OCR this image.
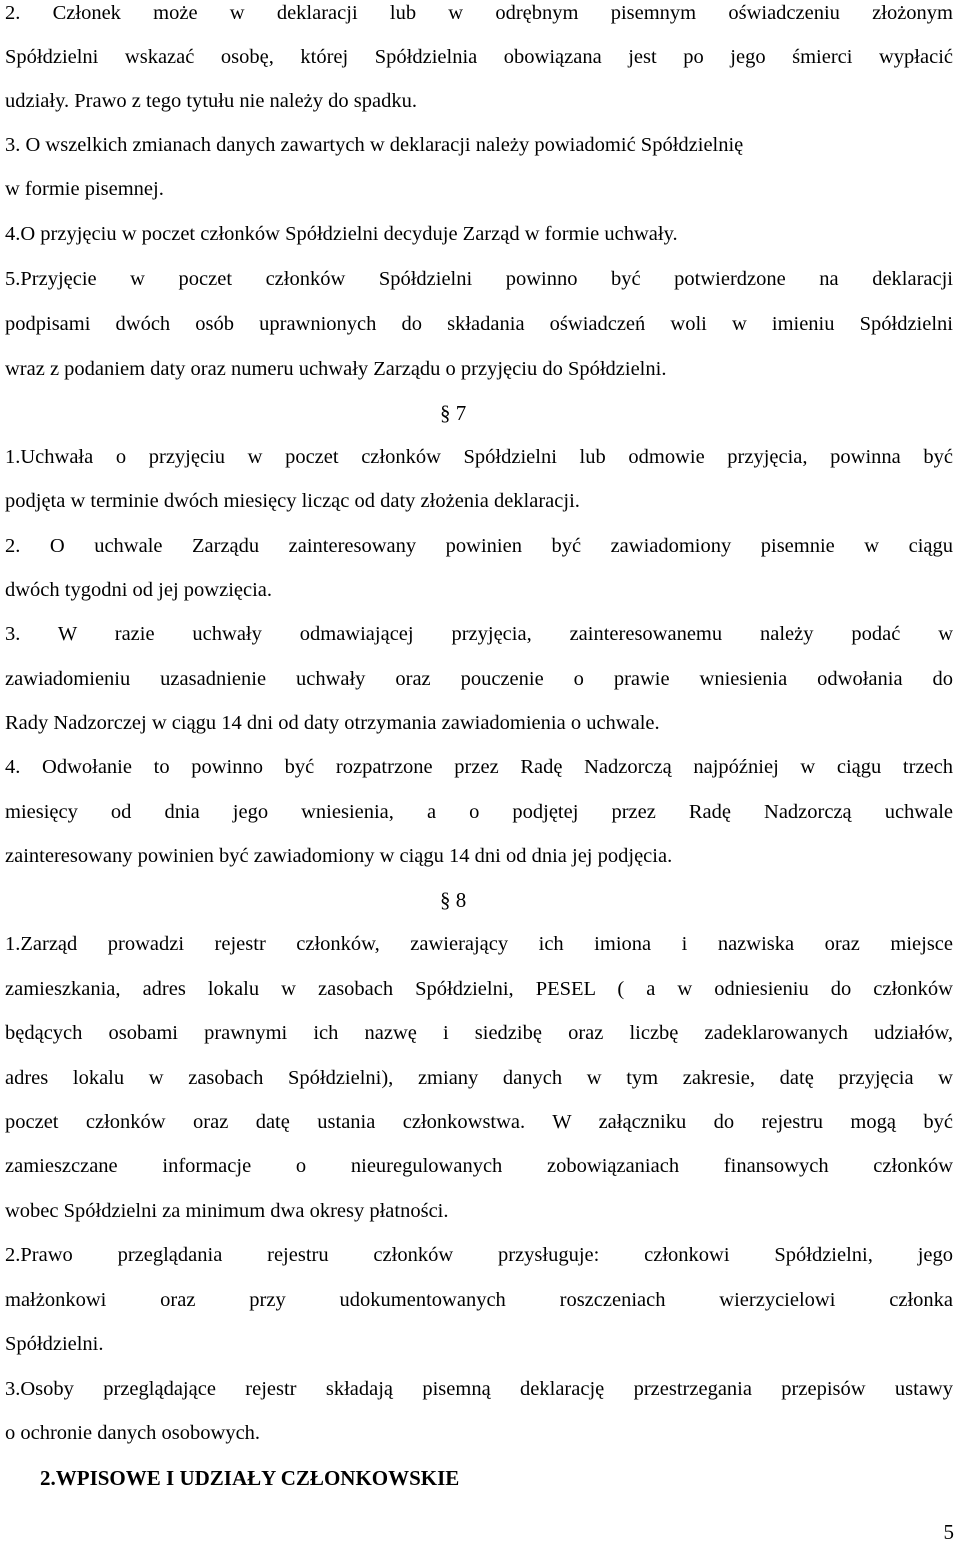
2. Członek może w deklaracji lub w odrębnym pisemnym oświadczeniu złożonym
Spółdzielni wskazać osobę, której Spółdzielnia obowiązana jest po jego śmierci wypłacić
udziały. Prawo z tego tytułu nie należy do spadku.
3. O wszelkich zmianach danych zawartych w deklaracji należy powiadomić Spółdzielnię
w formie pisemnej.
4.O przyjęciu w poczet członków Spółdzielni decyduje Zarząd w formie uchwały.
5.Przyjęcie w poczet członków Spółdzielni powinno być potwierdzone na deklaracji
podpisami dwóch osób uprawnionych do składania oświadczeń woli w imieniu Spółdzielni
wraz z podaniem daty oraz numeru uchwały Zarządu o przyjęciu do Spółdzielni.
§ 7
1.Uchwała o przyjęciu w poczet członków Spółdzielni lub odmowie przyjęcia, powinna być
podjęta w terminie dwóch miesięcy licząc od daty złożenia deklaracji.
2. O uchwale Zarządu zainteresowany powinien być zawiadomiony pisemnie w ciągu
dwóch tygodni od jej powzięcia.
3. W razie uchwały odmawiającej przyjęcia, zainteresowanemu należy podać w
zawiadomieniu uzasadnienie uchwały oraz pouczenie o prawie wniesienia odwołania do
Rady Nadzorczej w ciągu 14 dni od daty otrzymania zawiadomienia o uchwale.
4. Odwołanie to powinno być rozpatrzone przez Radę Nadzorczą najpóźniej w ciągu trzech
miesięcy od dnia jego wniesienia, a o podjętej przez Radę Nadzorczą uchwale
zainteresowany powinien być zawiadomiony w ciągu 14 dni od dnia jej podjęcia.
§ 8
1.Zarząd prowadzi rejestr członków, zawierający ich imiona i nazwiska oraz miejsce
zamieszkania, adres lokalu w zasobach Spółdzielni, PESEL ( a w odniesieniu do członków
będących osobami prawnymi ich nazwę i siedzibę oraz liczbę zadeklarowanych udziałów,
adres lokalu w zasobach Spółdzielni), zmiany danych w tym zakresie, datę przyjęcia w
poczet członków oraz datę ustania członkowstwa. W załączniku do rejestru mogą być
zamieszczane informacje o nieuregulowanych zobowiązaniach finansowych członków
wobec Spółdzielni za minimum dwa okresy płatności.
2.Prawo przeglądania rejestru członków przysługuje: członkowi Spółdzielni, jego
małżonkowi oraz przy udokumentowanych roszczeniach wierzycielowi członka
Spółdzielni.
3.Osoby przeglądające rejestr składają pisemną deklarację przestrzegania przepisów ustawy
o ochronie danych osobowych.
2.WPISOWE I UDZIAŁY CZŁONKOWSKIE
5
